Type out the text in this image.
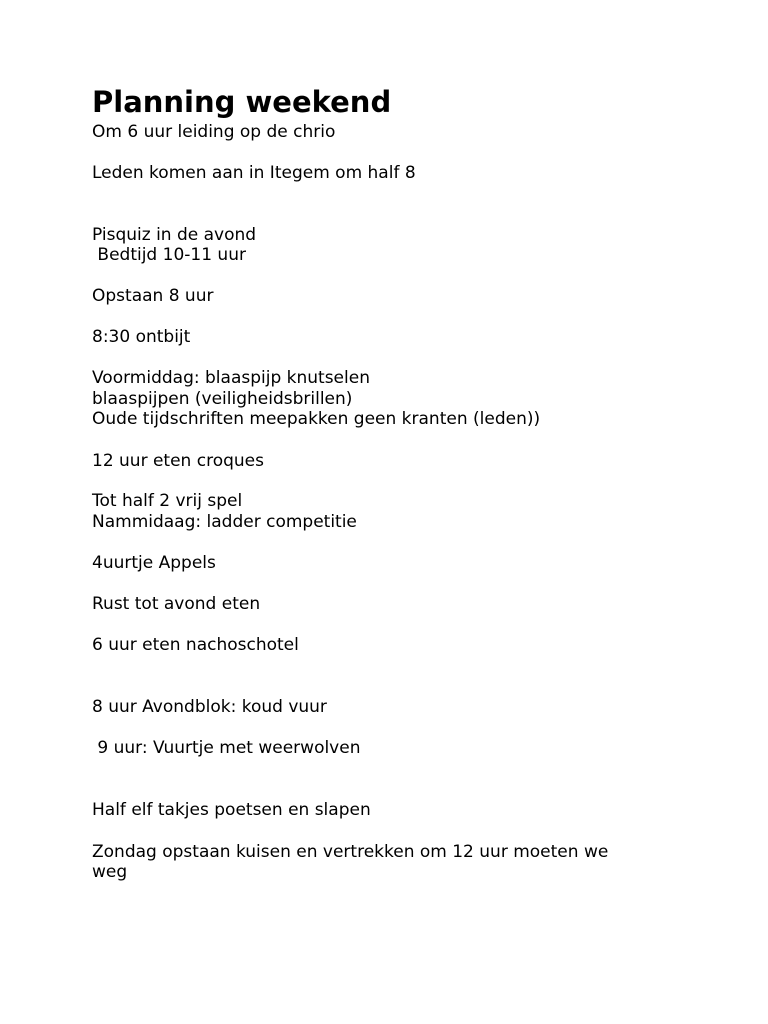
Planning weekend

Om 6 uur leiding op de chrio

Leden komen aan in Itegem om half 8

Pisquiz in de avond

Bedtijd 10-11 uur

Opstaan 8 uur

8:30 ontbijt

Voormiddag: blaaspijp knutselen

blaaspijpen (veiligheidsbrillen)

Oude tijdschriften meepakken geen kranten (leden))

12 uur eten croques

Tot half 2 vrij spel

Nammidaag: ladder competitie

4uurtje Appels

Rust tot avond eten

6 uur eten nachoschotel

8 uur Avondblok: koud vuur

9 uur: Vuurtje met weerwolven

Half elf takjes poetsen en slapen

Zondag opstaan kuisen en vertrekken om 12 uur moeten we

weg
